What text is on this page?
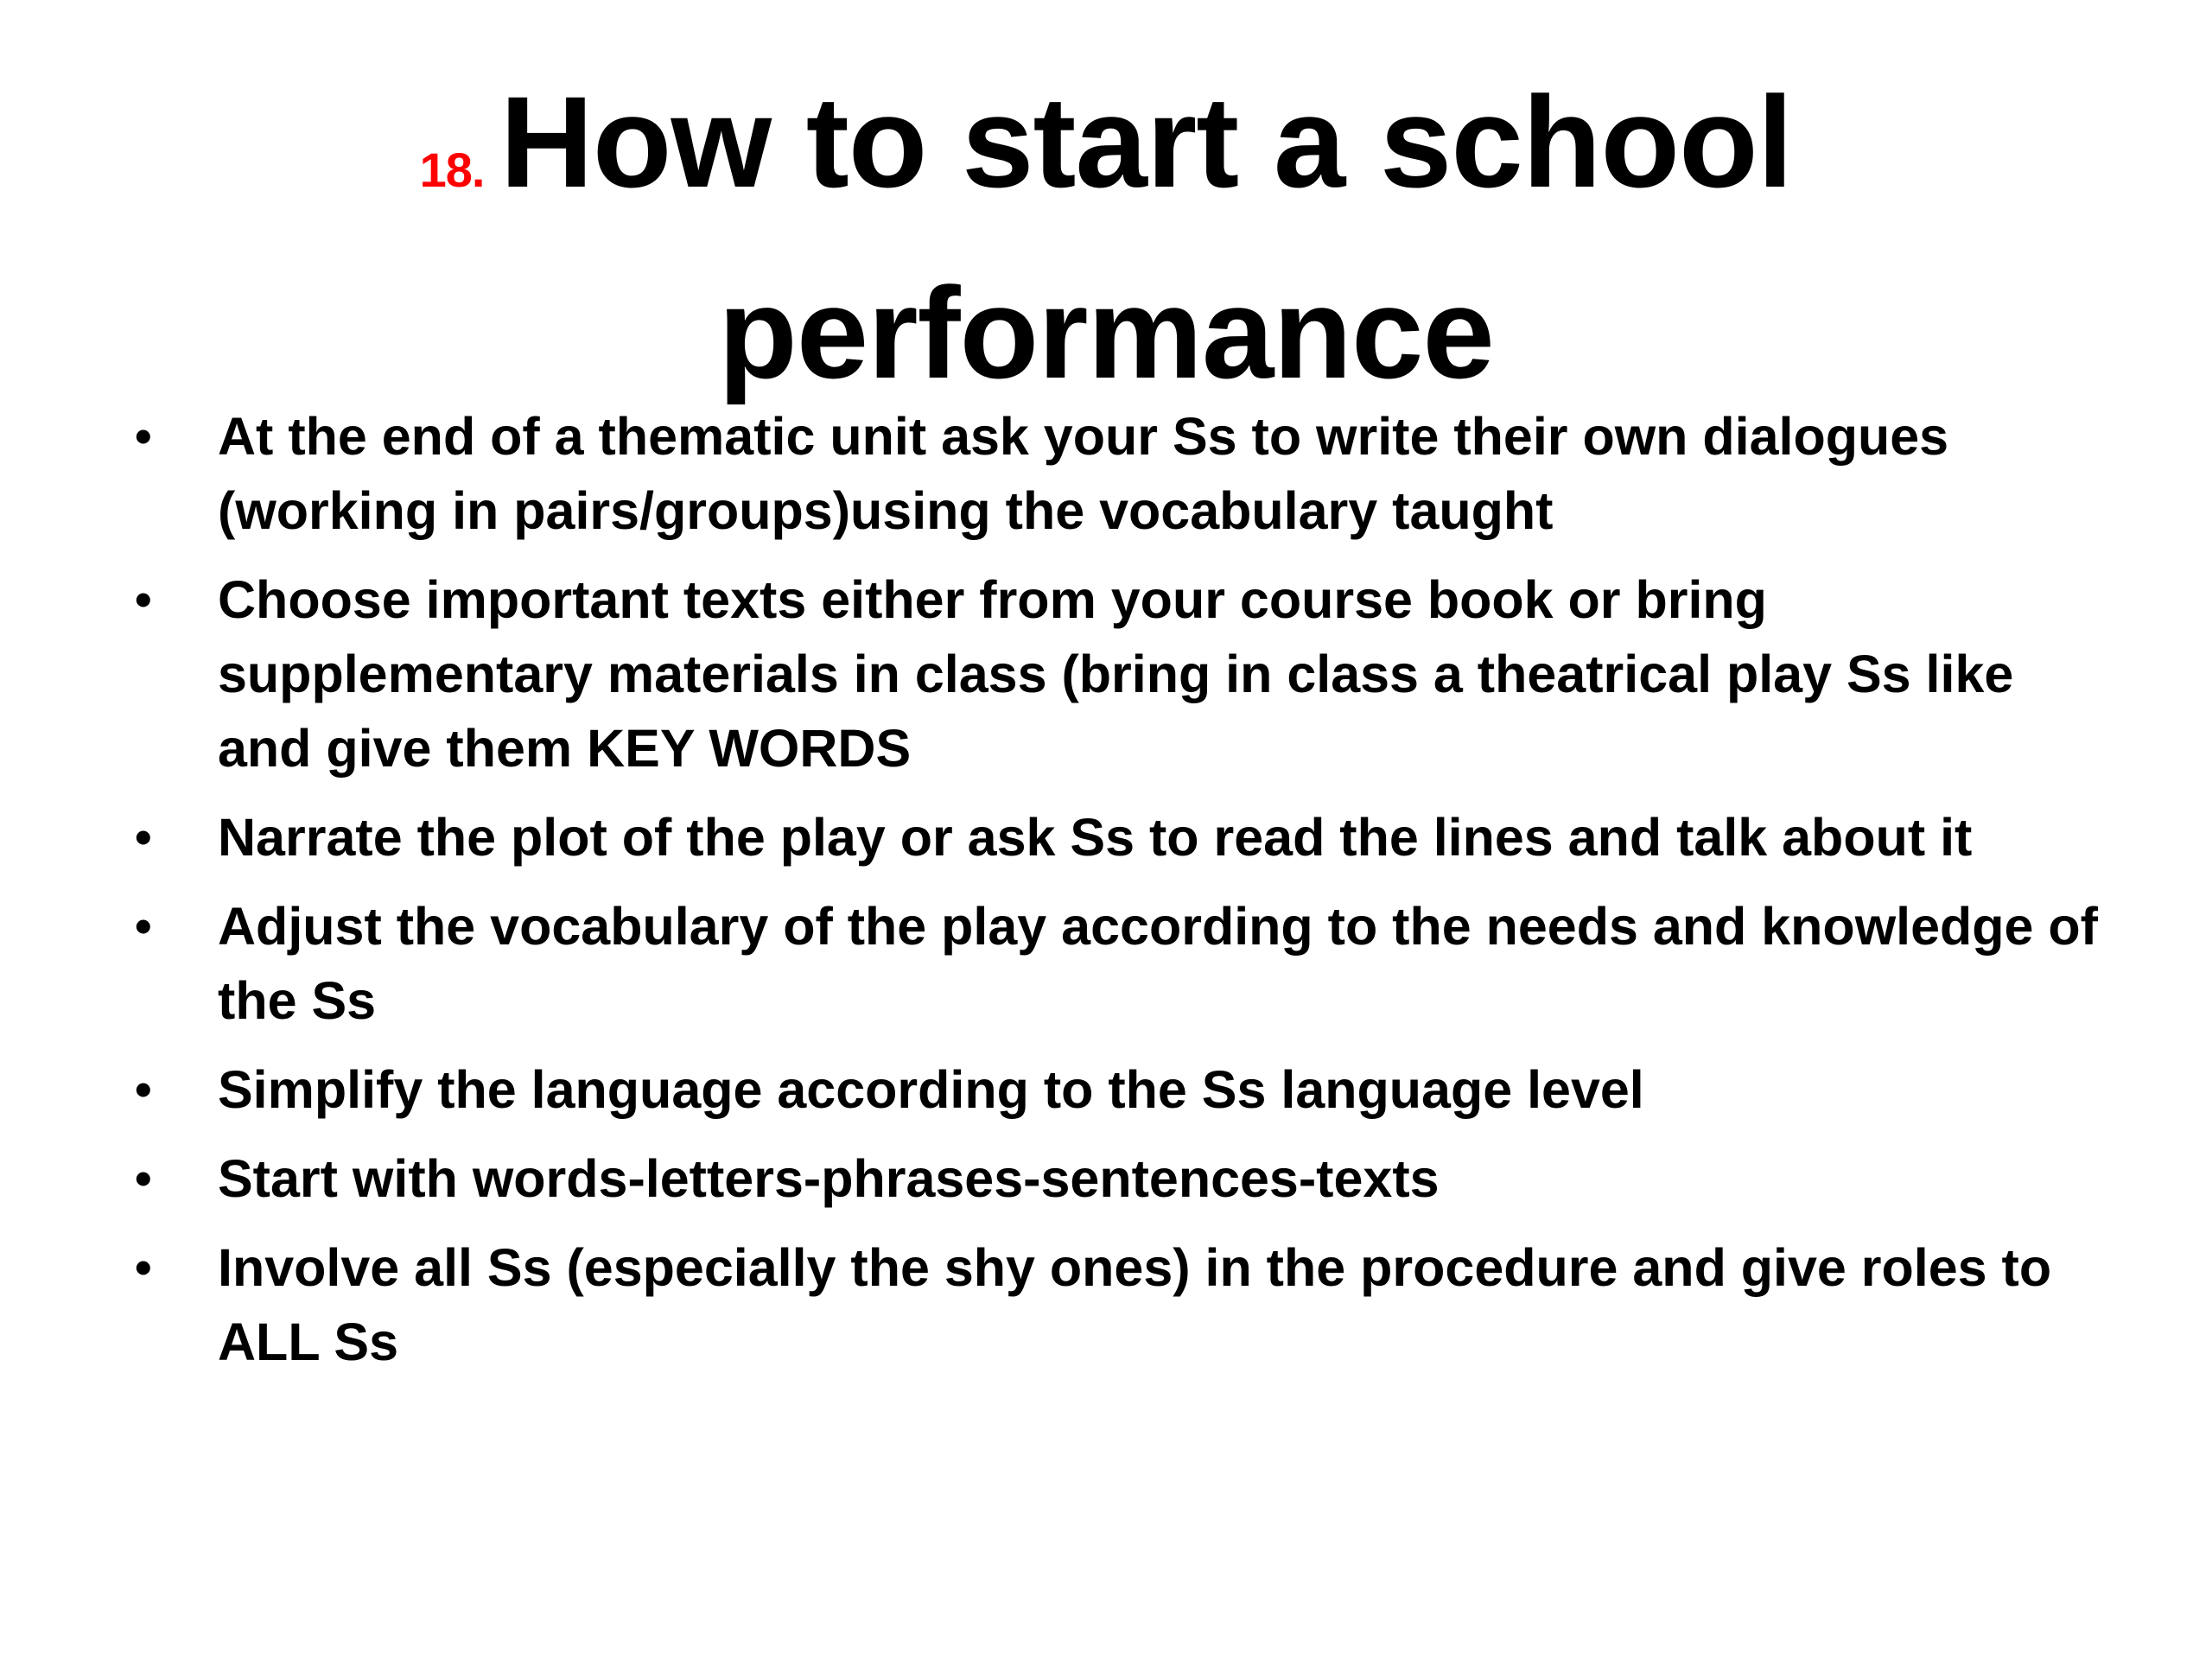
18. How to start a school
performance
• At the end of a thematic unit ask your Ss to write their own dialogues (working in pairs/groups)using the vocabulary taught
• Choose important texts either from your course book or bring supplementary materials in class (bring in class a theatrical play Ss like and give them KEY WORDS
• Narrate the plot of the play or ask Ss to read the lines and talk about it
• Adjust the vocabulary of the play according to the needs and knowledge of the Ss
• Simplify the language according to the Ss language level
• Start with words-letters-phrases-sentences-texts
• Involve all Ss (especially the shy ones) in the procedure and give roles to ALL Ss
